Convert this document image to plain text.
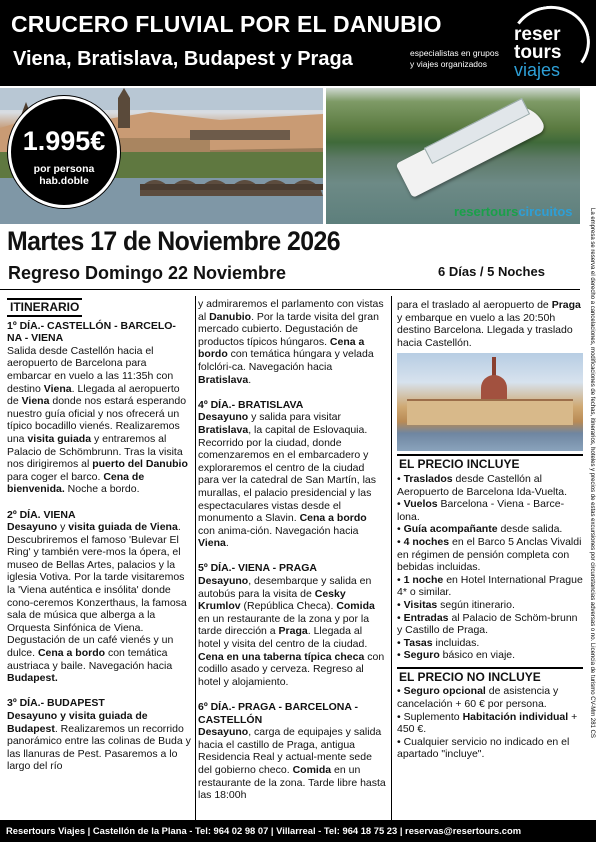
CRUCERO FLUVIAL POR EL DANUBIO
Viena, Bratislava, Budapest y Praga	especialistas en grupos
y viajes organizados
reser
tours
viajes
resertourscircuitos
1.995€
por persona
hab.doble
Martes 17 de Noviembre 2026
Regreso Domingo 22 Noviembre	6 Días / 5 Noches	La empresa se reserva el derecho a cancelaciones, modificaciones de fechas, itinerarios, hoteles y precios de estas excursiones por circunstancias adversas o no. Licencia de turismo CV-Mm 281 CS
ITINERARIO
1º DÍA.- CASTELLÓN - BARCELO-
NA - VIENA

Salida desde Castellón hacia el aeropuerto de Barcelona para embarcar en vuelo a las 11:35h con destino Viena. Llegada al aeropuerto de Viena donde nos estará esperando nuestro guía oficial y nos ofrecerá un típico bocadillo vienés. Realizaremos una visita guiada y entraremos al Palacio de Schömbrunn. Tras la visita nos dirigiremos al puerto del Danubio para coger el barco. Cena de bienvenida. Noche a bordo.

2º DÍA. VIENA

Desayuno y visita guiada de Viena. Descubriremos el famoso 'Bulevar El Ring' y también vere-mos la ópera, el museo de Bellas Artes, palacios y la iglesia Votiva. Por la tarde visitaremos la 'Viena auténtica e insólita' donde cono-ceremos Konzerthaus, la famosa sala de música que alberga a la Orquesta Sinfónica de Viena. Degustación de un café vienés y un dulce. Cena a bordo con temática austriaca y baile. Navegación hacia Budapest.

3º DÍA.- BUDAPEST

Desayuno y visita guiada de Budapest. Realizaremos un recorrido panorámico entre las colinas de Buda y las llanuras de Pest. Pasaremos a lo largo del río

y admiraremos el parlamento con vistas al Danubio. Por la tarde visita del gran mercado cubierto. Degustación de productos típicos húngaros. Cena a bordo con temática húngara y velada folclóri-ca. Navegación hacia Bratislava.

4º DÍA.- BRATISLAVA

Desayuno y salida para visitar Bratislava, la capital de Eslovaquia. Recorrido por la ciudad, donde comenzaremos en el embarcadero y exploraremos el centro de la ciudad para ver la catedral de San Martín, las murallas, el palacio presidencial y las espectaculares vistas desde el monumento a Slavin. Cena a bordo con anima-ción. Navegación hacia Viena.

5º DÍA.- VIENA - PRAGA

Desayuno, desembarque y salida en autobús para la visita de Cesky Krumlov (República Checa). Comida en un restaurante de la zona y por la tarde dirección a Praga. Llegada al hotel y visita del centro de la ciudad. Cena en una taberna típica checa con codillo asado y cerveza. Regreso al hotel y alojamiento.

6º DÍA.- PRAGA - BARCELONA -
CASTELLÓN

Desayuno, carga de equipajes y salida hacia el castillo de Praga, antigua Residencia Real y actual-mente sede del gobierno checo. Comida en un restaurante de la zona. Tarde libre hasta las 18:00h

para el traslado al aeropuerto de Praga y embarque en vuelo a las 20:50h destino Barcelona. Llegada y traslado hacia Castellón.

EL PRECIO INCLUYE
• Traslados desde Castellón al Aeropuerto de Barcelona Ida-Vuelta.
• Vuelos Barcelona - Viena - Barce-lona.
• Guía acompañante desde salida.
• 4 noches en el Barco 5 Anclas Vivaldi en régimen de pensión completa con bebidas incluidas.
• 1 noche en Hotel International Prague 4* o similar.
• Visitas según itinerario.
• Entradas al Palacio de Schöm-brunn y Castillo de Praga.
• Tasas incluidas.
• Seguro básico en viaje.
EL PRECIO NO INCLUYE
• Seguro opcional de asistencia y cancelación + 60 € por persona.
• Suplemento Habitación individual + 450 €.
• Cualquier servicio no indicado en el apartado "incluye".
Resertours Viajes | Castellón de la Plana - Tel: 964 02 98 07 | Villarreal - Tel: 964 18 75 23 | reservas@resertours.com
